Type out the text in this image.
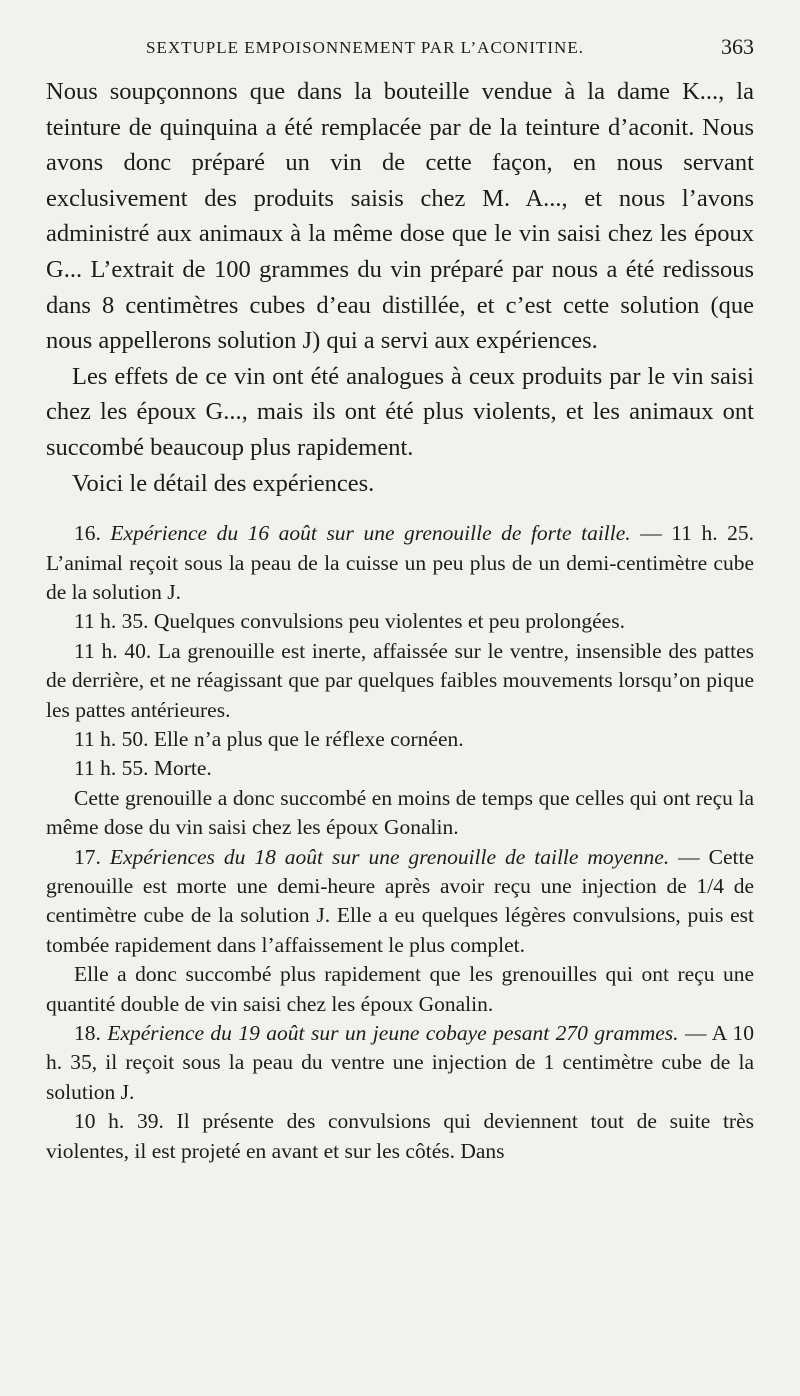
SEXTUPLE EMPOISONNEMENT PAR L’ACONITINE.	363

Nous soupçonnons que dans la bouteille vendue à la dame K..., la teinture de quinquina a été remplacée par de la teinture d’aconit. Nous avons donc préparé un vin de cette façon, en nous servant exclusivement des produits saisis chez M. A..., et nous l’avons administré aux animaux à la même dose que le vin saisi chez les époux G... L’extrait de 100 grammes du vin préparé par nous a été redissous dans 8 centimètres cubes d’eau distillée, et c’est cette solution (que nous appellerons solution J) qui a servi aux expériences.

Les effets de ce vin ont été analogues à ceux produits par le vin saisi chez les époux G..., mais ils ont été plus violents, et les animaux ont succombé beaucoup plus rapidement.

Voici le détail des expériences.

16. Expérience du 16 août sur une grenouille de forte taille. — 11 h. 25. L’animal reçoit sous la peau de la cuisse un peu plus de un demi-centimètre cube de la solution J.

11 h. 35. Quelques convulsions peu violentes et peu prolongées.

11 h. 40. La grenouille est inerte, affaissée sur le ventre, insensible des pattes de derrière, et ne réagissant que par quelques faibles mouvements lorsqu’on pique les pattes antérieures.

11 h. 50. Elle n’a plus que le réflexe cornéen.

11 h. 55. Morte.

Cette grenouille a donc succombé en moins de temps que celles qui ont reçu la même dose du vin saisi chez les époux Gonalin.

17. Expériences du 18 août sur une grenouille de taille moyenne. — Cette grenouille est morte une demi-heure après avoir reçu une injection de 1/4 de centimètre cube de la solution J. Elle a eu quelques légères convulsions, puis est tombée rapidement dans l’affaissement le plus complet.

Elle a donc succombé plus rapidement que les grenouilles qui ont reçu une quantité double de vin saisi chez les époux Gonalin.

18. Expérience du 19 août sur un jeune cobaye pesant 270 grammes. — A 10 h. 35, il reçoit sous la peau du ventre une injection de 1 centimètre cube de la solution J.

10 h. 39. Il présente des convulsions qui deviennent tout de suite très violentes, il est projeté en avant et sur les côtés. Dans
